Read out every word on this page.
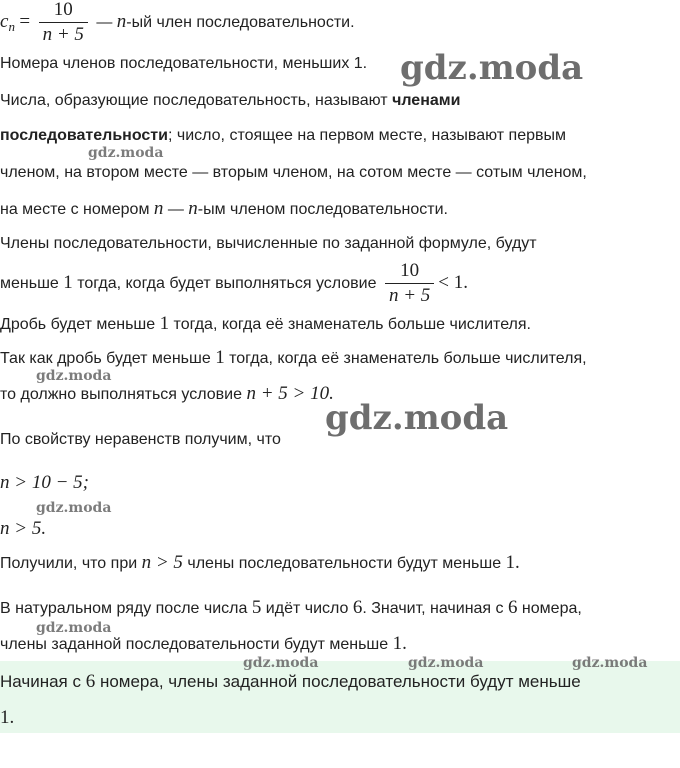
$c_n = \frac{10}{n + 5}$ — n-ый член последовательности.
Номера членов последовательности, меньших 1.
Числа, образующие последовательность, называют членами
последовательности; число, стоящее на первом месте, называют первым
членом, на втором месте — вторым членом, на сотом месте — сотым членом,
на месте с номером n — n-ым членом последовательности.
Члены последовательности, вычисленные по заданной формуле, будут
меньше 1 тогда, когда будет выполняться условие $\frac{10}{n + 5} < 1$.
Дробь будет меньше 1 тогда, когда её знаменатель больше числителя.
Так как дробь будет меньше 1 тогда, когда её знаменатель больше числителя,
то должно выполняться условие n + 5 > 10.
По свойству неравенств получим, что
n > 10 − 5;
n > 5.
Получили, что при n > 5 члены последовательности будут меньше 1.
В натуральном ряду после числа 5 идёт число 6. Значит, начиная с 6 номера,
члены заданной последовательности будут меньше 1.
Начиная с 6 номера, члены заданной последовательности будут меньше
1.
gdz.moda
gdz.moda
gdz.moda
gdz.moda
gdz.moda
gdz.moda
gdz.moda	gdz.moda	gdz.moda
